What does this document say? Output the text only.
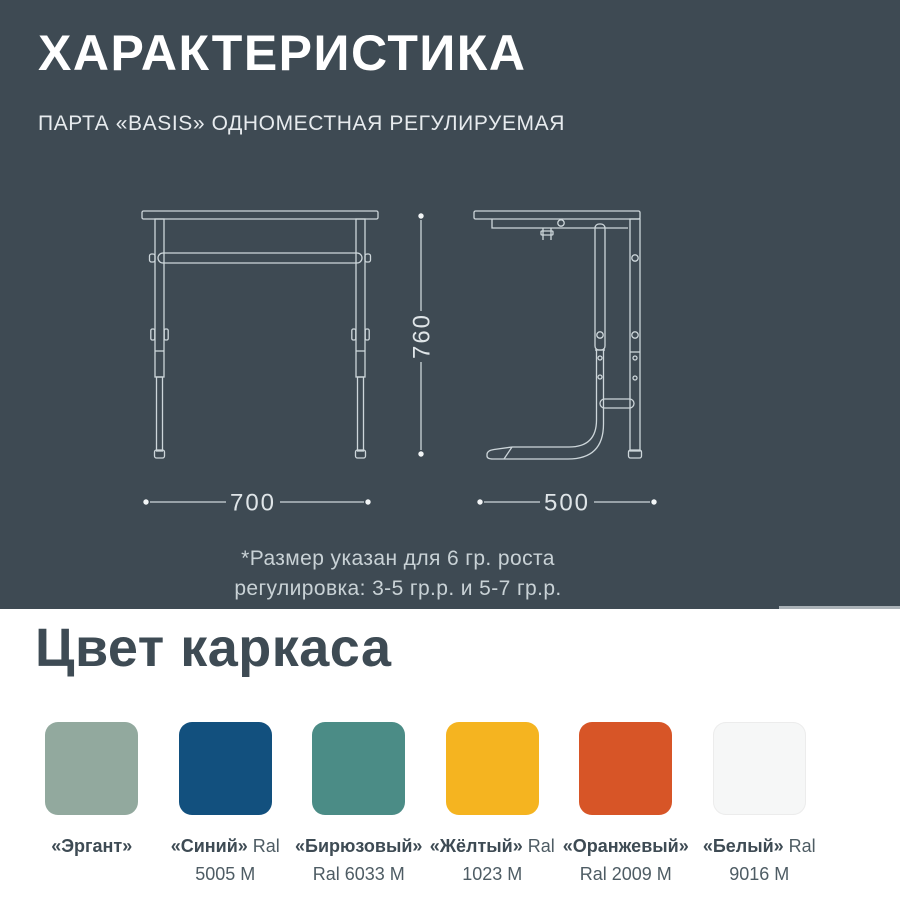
ХАРАКТЕРИСТИКА

ПАРТА «BASIS» ОДНОМЕСТНАЯ РЕГУЛИРУЕМАЯ

760
700	500
*Размер указан для 6 гр. роста
регулировка: 3-5 гр.р. и 5-7 гр.р.
Цвет каркаса
«Эргант» «Синий» Ral
5005 M
«Бирюзовый»
Ral 6033 M
«Жёлтый» Ral
1023 M
«Оранжевый»
Ral 2009 M
«Белый» Ral
9016 M
